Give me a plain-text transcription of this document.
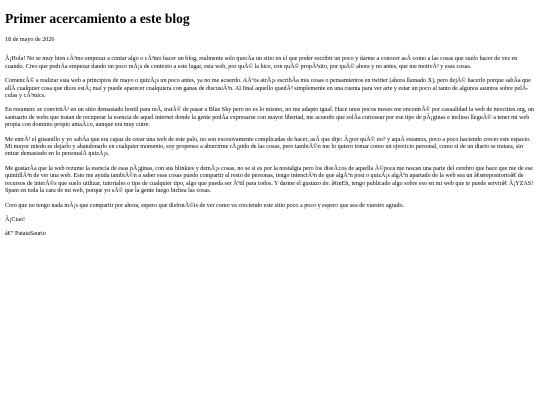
Primer acercamiento a este blog

18 de mayo de 2026

Â¡Hola! No se muy bien cÃ³mo empezar a contar algo o cÃ³mo hacer un blog, realmente solo querÃa un sitio en el que poder escribir un poco y darme a conocer asÃ como a las cosas que suelo hacer de vez en cuando. Creo que podrÃa empezar dando un poco mÃ¡s de contexto a este lugar, esta web, por quÃ© la hice, con quÃ© propÃ³sito, por quÃ© ahora y no antes, que me motivÃ³ y esas cosas.

ComencÃ© a realizar esta web a principios de mayo o quizÃ¡s un poco antes, ya no me acuerdo. AÃºos atrÃ¡s escribÃa mis cosas o pensamientos en twitter (ahora llamado X), pero dejÃ© hacerlo porque sabÃa que allÃ cualquier cosa que dices estÃ¡ mal y puede aparecer cualquiera con ganas de discusiÃ³n. Al final aquello quedÃ³ simplemente en una cuenta para ver arte y estar un poco al tanto de algunos asuntos sobre pelÃculas y cÃ³mics.

En resumen: se convirtiÃ³ en un sitio demasiado hostil para mÃ, tratÃ© de pasar a Blue Sky pero no es lo mismo, no me adapto igual. Hace unos pocos meses me encontrÃ© por casualidad la web de neocities.org, un santuario de webs que tratan de recuperar la esencia de aquel internet donde la gente podÃa expresarse con mayor libertad, me acuerdo que solÃa curiosear por ese tipo de pÃ¡ginas e incluso lleguÃ© a tener mi web propia con dominio propio antaÃ±o, aunque era muy cutre.

Me entrÃ³ el gusanillo y yo sabÃa que era capaz de crear una web de este palo, no son excesivamente complicadas de hacer, asÃ que dije: Â¡por quÃ© no? y aquÃ estamos, poco a poco haciendo crecer este espacio. Mi mayor miedo es dejarlo y abandonarlo en cualquier momento, soy propenso a aburrirme rÃ¡pido de las cosas, pero tambiÃ©n me lo quiero tomar como un ejercicio personal, como si de un diario se tratara, sin entrar demasiado en lo personalÃ quizÃ¡s.

Me gustarÃa que la web rezume la esencia de esas pÃ¡ginas, con sus blinkies y demÃ¡s cosas, no se si es por la nostalgia pero los diseÃ±os de aquella Ã©poca me rascan una parte del cerebro que hace que me de ese quintillÃ³n de ver una web. Esto me ayuda tambiÃ©n a saber esas cosas puedo compartir al resto de personas, tengo intenciÃ³n de que algÃºn post o quizÃ¡s algÃºn apartado de la web sea un â€œrepositorioâ€ de recursos de interÃ©s que suelo utilizar, tutoriales o tips de cualquier tipo, algo que pueda ser Ãºtil para todos. Y darme el gustazo de: â€œEh, tengo publicado algo sobre eso en mi web que te puede servirâ€ Â¡YZAS! Spam en toda la cara de mi web, porque yo sÃ© que la gente luego bichea las cosas.

Creo que no tengo nada mÃ¡s que compartir por ahora, espero que disfrutÃ©is de ver como va creciendo este sitio poco a poco y espero que sea de vuestro agrado.

Â¡Ciao!

â€” PatataSaurio
